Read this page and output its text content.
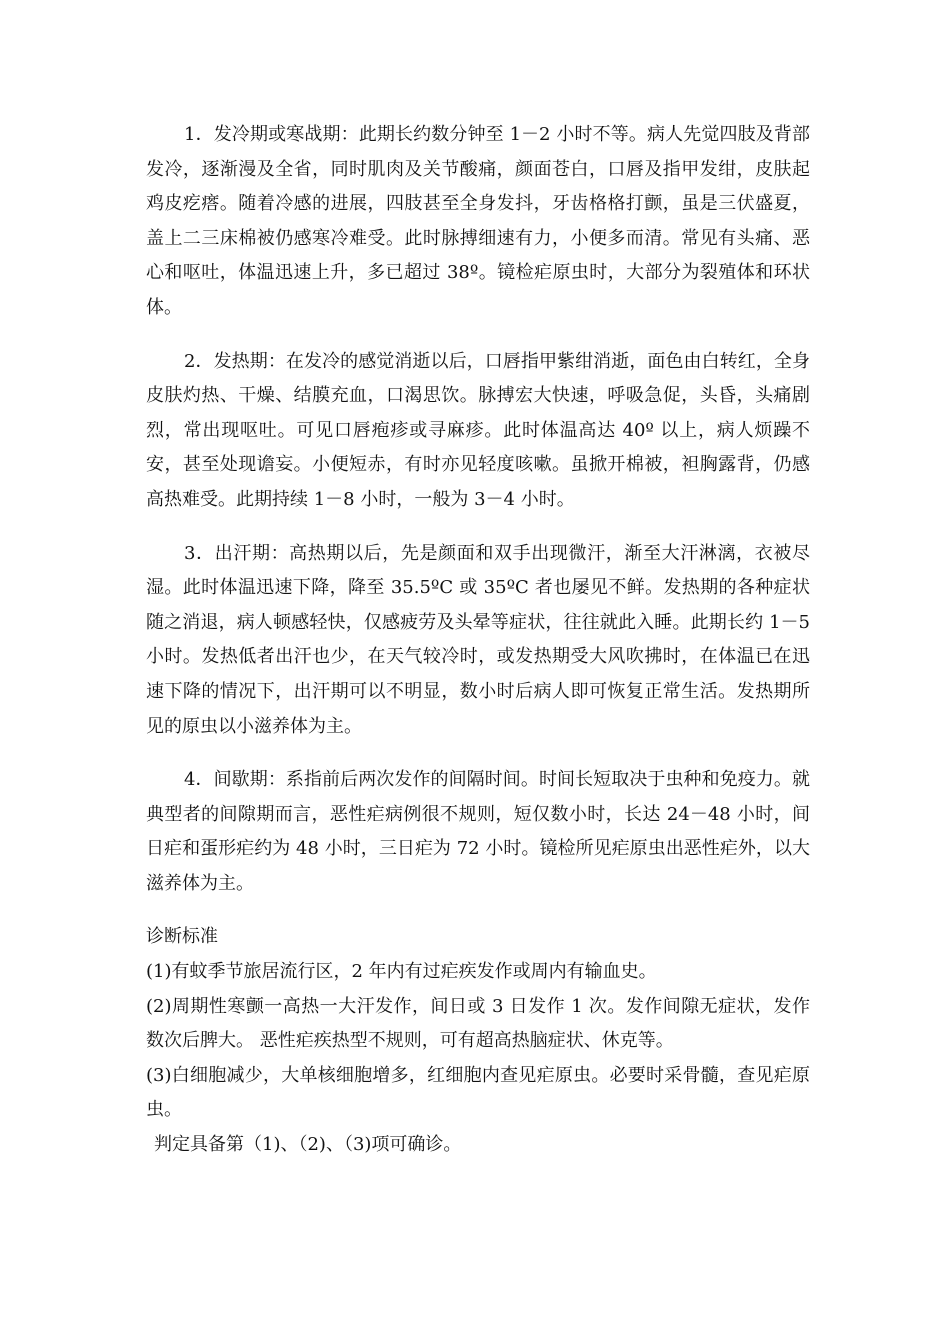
1．发冷期或寒战期：此期长约数分钟至 1－2 小时不等。病人先觉四肢及背部发冷，逐渐漫及全省，同时肌肉及关节酸痛，颜面苍白，口唇及指甲发绀，皮肤起鸡皮疙瘩。随着冷感的进展，四肢甚至全身发抖，牙齿格格打颤，虽是三伏盛夏，盖上二三床棉被仍感寒冷难受。此时脉搏细速有力，小便多而清。常见有头痛、恶心和呕吐，体温迅速上升，多已超过 38º。镜检疟原虫时，大部分为裂殖体和环状体。

2．发热期：在发冷的感觉消逝以后，口唇指甲紫绀消逝，面色由白转红，全身皮肤灼热、干燥、结膜充血，口渴思饮。脉搏宏大快速，呼吸急促，头昏，头痛剧烈，常出现呕吐。可见口唇疱疹或寻麻疹。此时体温高达 40º 以上，病人烦躁不安，甚至处现谵妄。小便短赤，有时亦见轻度咳嗽。虽掀开棉被，袒胸露背，仍感高热难受。此期持续 1－8 小时，一般为 3－4 小时。

3．出汗期：高热期以后，先是颜面和双手出现微汗，渐至大汗淋漓，衣被尽湿。此时体温迅速下降，降至 35.5ºC 或 35ºC 者也屡见不鲜。发热期的各种症状随之消退，病人顿感轻快，仅感疲劳及头晕等症状，往往就此入睡。此期长约 1－5 小时。发热低者出汗也少，在天气较冷时，或发热期受大风吹拂时，在体温已在迅速下降的情况下，出汗期可以不明显，数小时后病人即可恢复正常生活。发热期所见的原虫以小滋养体为主。

4．间歇期：系指前后两次发作的间隔时间。时间长短取决于虫种和免疫力。就典型者的间隙期而言，恶性疟病例很不规则，短仅数小时，长达 24－48 小时，间日疟和蛋形疟约为 48 小时，三日疟为 72 小时。镜检所见疟原虫出恶性疟外，以大滋养体为主。

诊断标准

(1)有蚊季节旅居流行区，2 年内有过疟疾发作或周内有输血史。

(2)周期性寒颤一高热一大汗发作，间日或 3 日发作 1 次。发作间隙无症状，发作数次后脾大。 恶性疟疾热型不规则，可有超高热脑症状、休克等。

(3)白细胞减少，大单核细胞增多，红细胞内查见疟原虫。必要时采骨髓，查见疟原虫。

判定具备第（1)、（2)、（3)项可确诊。
